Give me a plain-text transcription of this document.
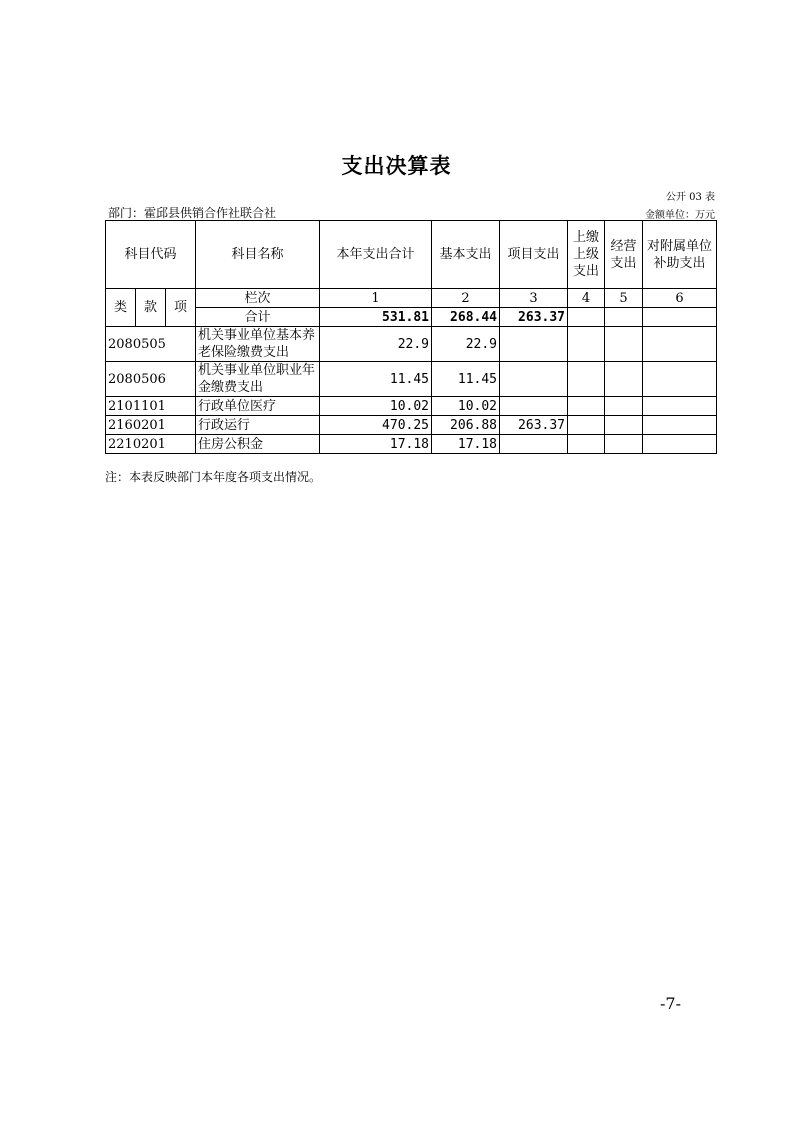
支出决算表
公开 03 表
部门：霍邱县供销合作社联合社	金额单位：万元
科目代码			科目名称	本年支出合计	基本支出	项目支出	上缴上级支出	经营支出	对附属单位补助支出
类	款	项	栏次	1	2	3	4	5	6
			合计	531.81	268.44	263.37			
2080505			机关事业单位基本养老保险缴费支出	22.9	22.9				
2080506			机关事业单位职业年金缴费支出	11.45	11.45				
2101101			行政单位医疗	10.02	10.02				
2160201			行政运行	470.25	206.88	263.37			
2210201			住房公积金	17.18	17.18				
注：本表反映部门本年度各项支出情况。
-7-
